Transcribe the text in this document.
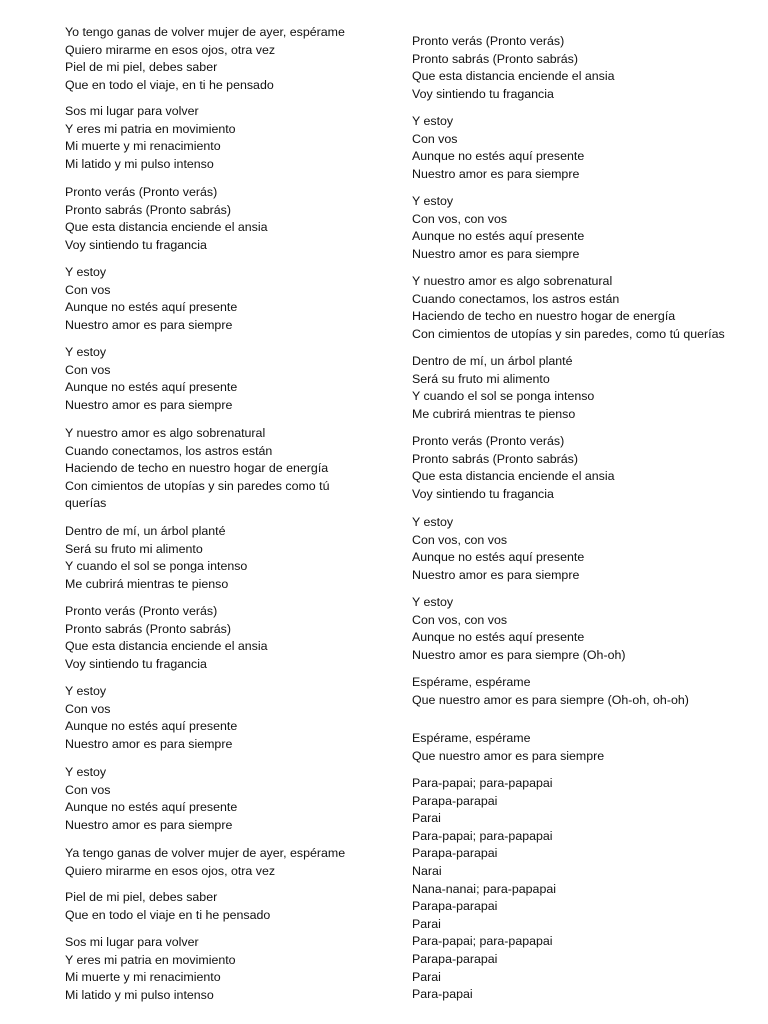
Yo tengo ganas de volver mujer de ayer, espérame
Quiero mirarme en esos ojos, otra vez
Piel de mi piel, debes saber
Que en todo el viaje, en ti he pensado
Sos mi lugar para volver
Y eres mi patria en movimiento
Mi muerte y mi renacimiento
Mi latido y mi pulso intenso
Pronto verás (Pronto verás)
Pronto sabrás (Pronto sabrás)
Que esta distancia enciende el ansia
Voy sintiendo tu fragancia
Y estoy
Con vos
Aunque no estés aquí presente
Nuestro amor es para siempre
Y estoy
Con vos
Aunque no estés aquí presente
Nuestro amor es para siempre
Y nuestro amor es algo sobrenatural
Cuando conectamos, los astros están
Haciendo de techo en nuestro hogar de energía
Con cimientos de utopías y sin paredes como tú
querías
Dentro de mí, un árbol planté
Será su fruto mi alimento
Y cuando el sol se ponga intenso
Me cubrirá mientras te pienso
Pronto verás (Pronto verás)
Pronto sabrás (Pronto sabrás)
Que esta distancia enciende el ansia
Voy sintiendo tu fragancia
Y estoy
Con vos
Aunque no estés aquí presente
Nuestro amor es para siempre
Y estoy
Con vos
Aunque no estés aquí presente
Nuestro amor es para siempre
Ya tengo ganas de volver mujer de ayer, espérame
Quiero mirarme en esos ojos, otra vez
Piel de mi piel, debes saber
Que en todo el viaje en ti he pensado
Sos mi lugar para volver
Y eres mi patria en movimiento
Mi muerte y mi renacimiento
Mi latido y mi pulso intenso
Pronto verás (Pronto verás)
Pronto sabrás (Pronto sabrás)
Que esta distancia enciende el ansia
Voy sintiendo tu fragancia
Y estoy
Con vos
Aunque no estés aquí presente
Nuestro amor es para siempre
Y estoy
Con vos, con vos
Aunque no estés aquí presente
Nuestro amor es para siempre
Y nuestro amor es algo sobrenatural
Cuando conectamos, los astros están
Haciendo de techo en nuestro hogar de energía
Con cimientos de utopías y sin paredes, como tú querías
Dentro de mí, un árbol planté
Será su fruto mi alimento
Y cuando el sol se ponga intenso
Me cubrirá mientras te pienso
Pronto verás (Pronto verás)
Pronto sabrás (Pronto sabrás)
Que esta distancia enciende el ansia
Voy sintiendo tu fragancia
Y estoy
Con vos, con vos
Aunque no estés aquí presente
Nuestro amor es para siempre
Y estoy
Con vos, con vos
Aunque no estés aquí presente
Nuestro amor es para siempre (Oh-oh)
Espérame, espérame
Que nuestro amor es para siempre (Oh-oh, oh-oh)
Espérame, espérame
Que nuestro amor es para siempre
Para-papai; para-papapai
Parapa-parapai
Parai
Para-papai; para-papapai
Parapa-parapai
Narai
Nana-nanai; para-papapai
Parapa-parapai
Parai
Para-papai; para-papapai
Parapa-parapai
Parai
Para-papai
